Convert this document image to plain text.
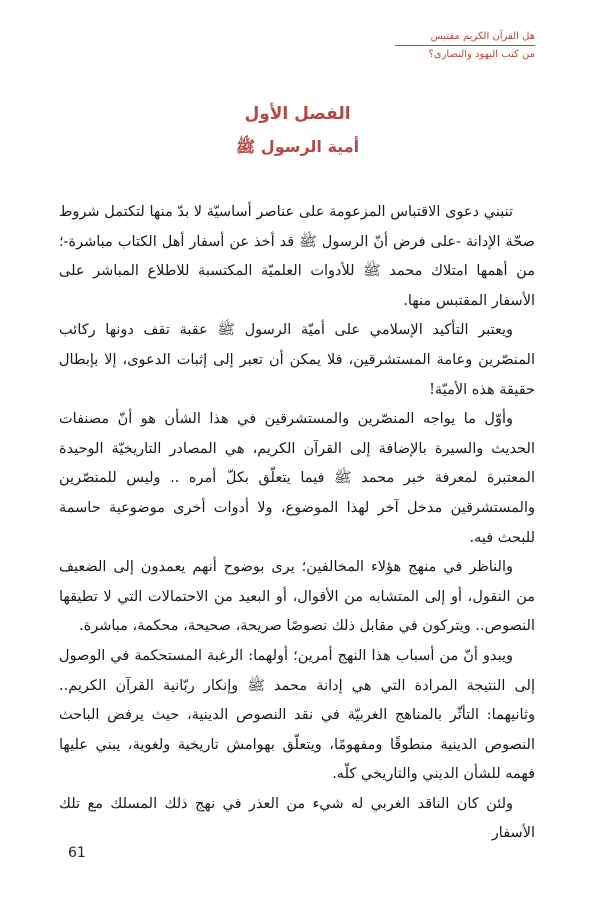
هل القرآن الكريم مقتبس
من كتب اليهود والنصارى؟
الفصل الأول
أمية الرسول ﷺ

تنبني دعوى الاقتباس المزعومة على عناصر أساسيّة لا بدّ منها لتكتمل شروط صحّة الإدانة -على فرض أنّ الرسول ﷺ قد أخذ عن أسفار أهل الكتاب مباشرة-؛ من أهمها امتلاك محمد ﷺ للأدوات العلميّة المكتسبة للاطلاع المباشر على الأسفار المقتبس منها.

ويعتبر التأكيد الإسلامي على أميّة الرسول ﷺ عقبة تقف دونها ركائب المنصّرين وعامة المستشرقين، فلا يمكن أن تعبر إلى إثبات الدعوى، إلا بإبطال حقيقة هذه الأميّة!

وأوّل ما يواجه المنصّرين والمستشرقين في هذا الشأن هو أنّ مصنفات الحديث والسيرة بالإضافة إلى القرآن الكريم، هي المصادر التاريخيّة الوحيدة المعتبرة لمعرفة خبر محمد ﷺ فيما يتعلّق بكلّ أمره .. وليس للمنصّرين والمستشرقين مدخل آخر لهذا الموضوع، ولا أدوات أخرى موضوعية حاسمة للبحث فيه.

والناظر في منهج هؤلاء المخالفين؛ يرى بوضوح أنهم يعمدون إلى الضعيف من النقول، أو إلى المتشابه من الأقوال، أو البعيد من الاحتمالات التي لا تطيقها النصوص.. ويتركون في مقابل ذلك نصوصًا صريحة، صحيحة، محكمة، مباشرة.

ويبدو أنّ من أسباب هذا النهج أمرين؛ أولهما: الرغبة المستحكمة في الوصول إلى النتيجة المرادة التي هي إدانة محمد ﷺ وإنكار ربّانية القرآن الكريم.. وثانيهما: التأثّر بالمناهج الغربيّة في نقد النصوص الدينية، حيث يرفض الباحث النصوص الدينية منطوقًا ومفهومًا، ويتعلّق بهوامش تاريخية ولغوية، يبني عليها فهمه للشأن الديني والتاريخي كلّه.

ولئن كان الناقد الغربي له شيء من العذر في نهج ذلك المسلك مع تلك الأسفار

61
